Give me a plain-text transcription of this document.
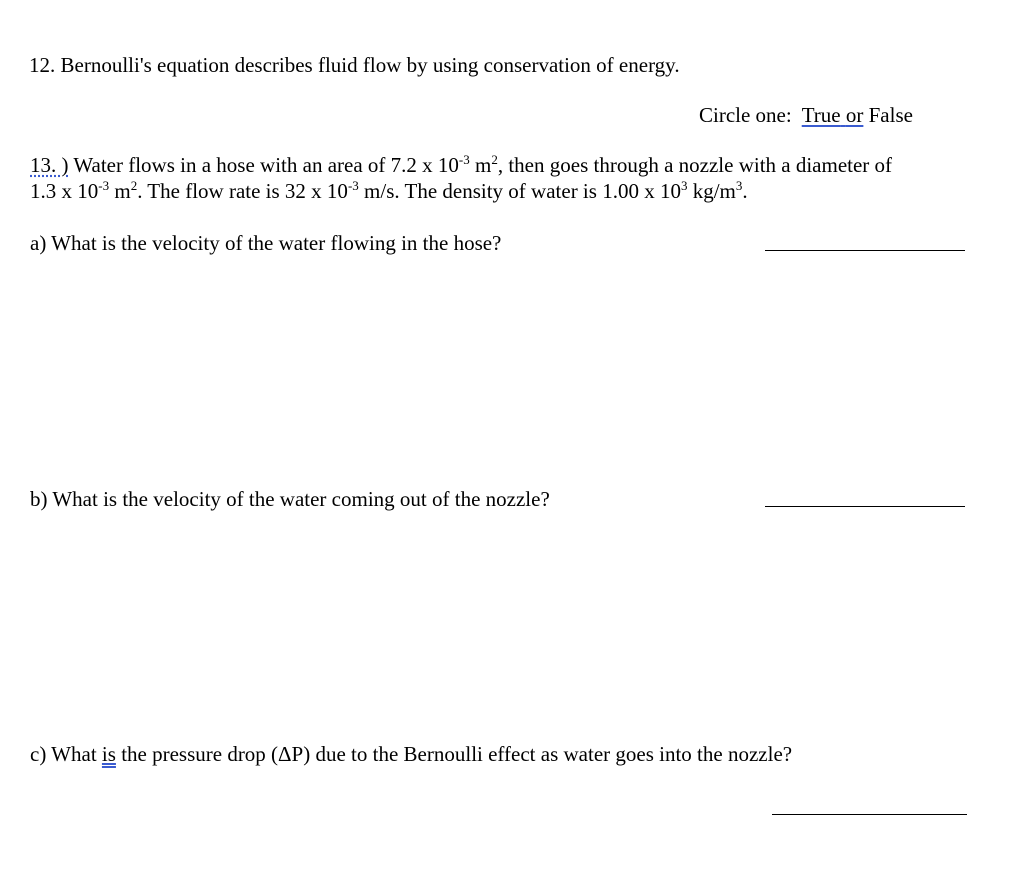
12. Bernoulli's equation describes fluid flow by using conservation of energy.

Circle one: True or False

13. ) Water flows in a hose with an area of 7.2 x $10^{-3}$ $m^2$, then goes through a nozzle with a diameter of

1.3 x $10^{-3}$ $m^2$. The flow rate is 32 x $10^{-3}$ m/s. The density of water is 1.00 x $10^3$ $kg/m^3$.

a) What is the velocity of the water flowing in the hose?

b) What is the velocity of the water coming out of the nozzle?

c) What is the pressure drop (ΔP) due to the Bernoulli effect as water goes into the nozzle?
